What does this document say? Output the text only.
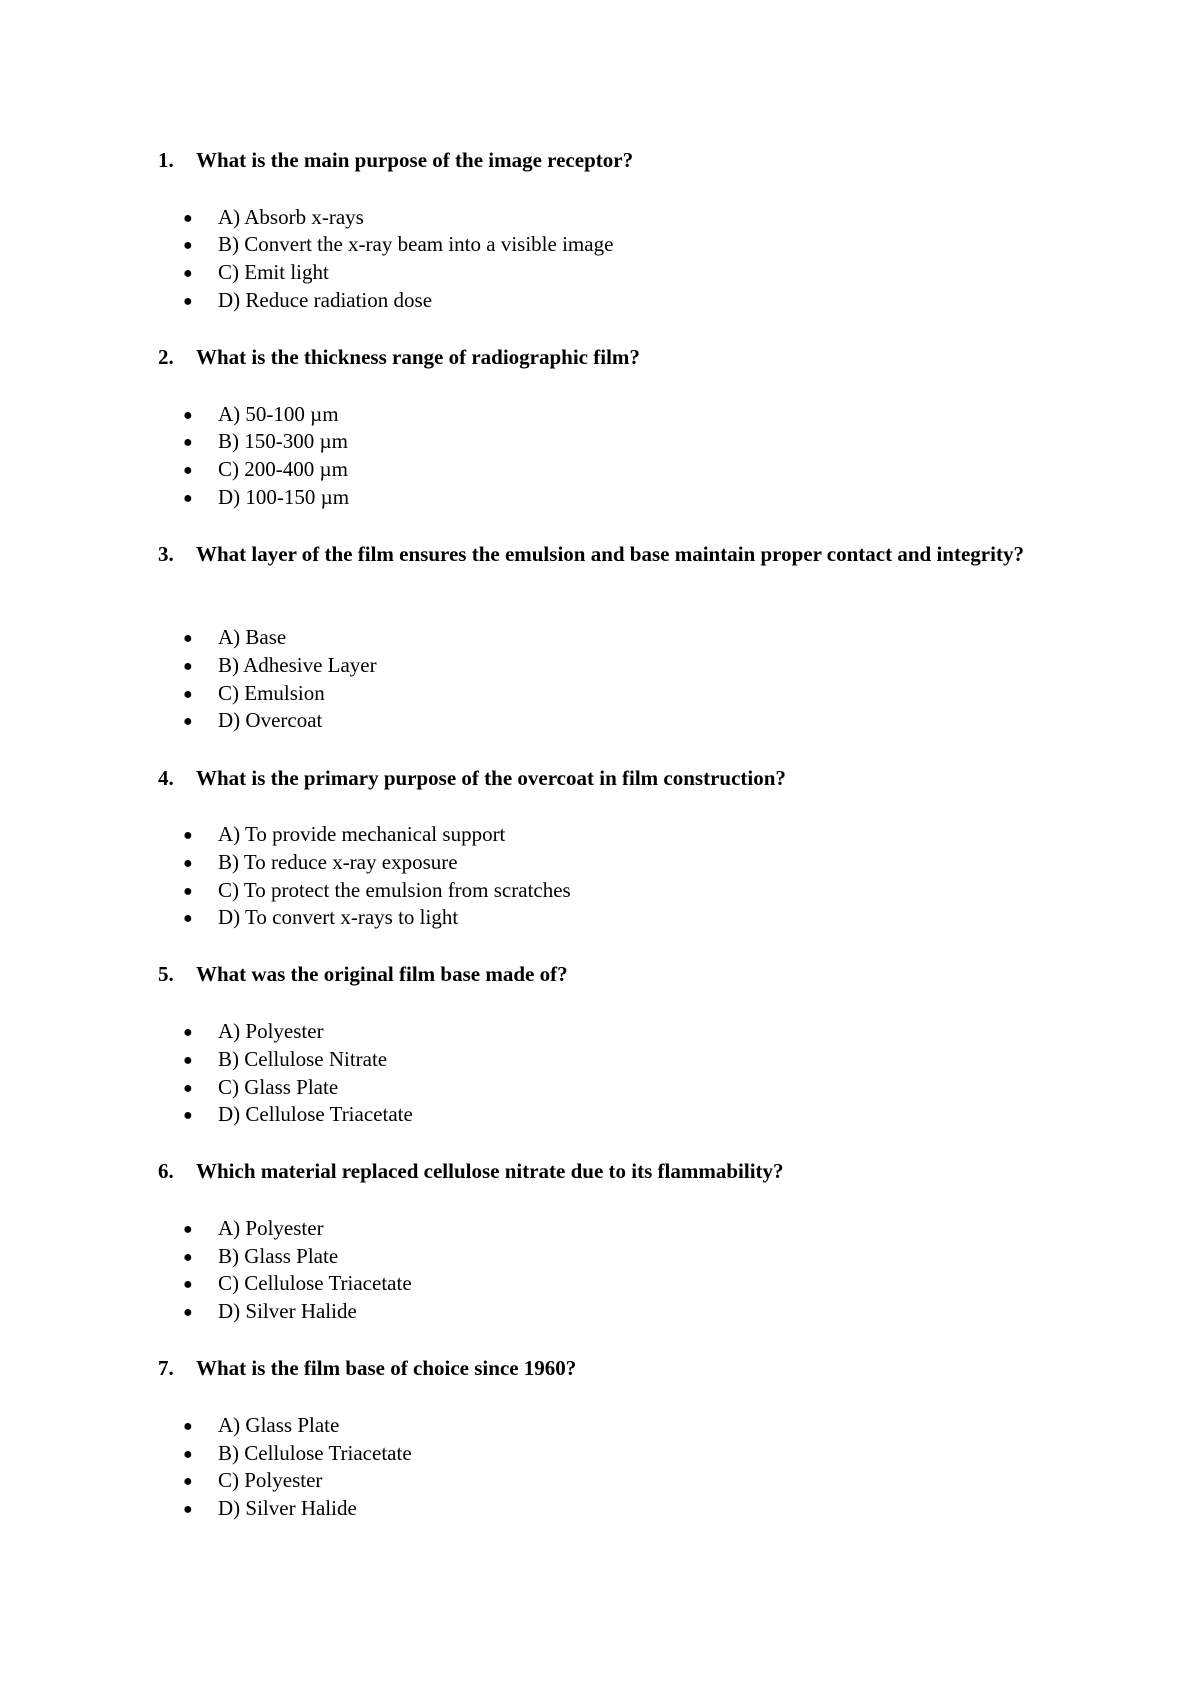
1. What is the main purpose of the image receptor?
● A) Absorb x-rays
● B) Convert the x-ray beam into a visible image
● C) Emit light
● D) Reduce radiation dose
2. What is the thickness range of radiographic film?
● A) 50-100 µm
● B) 150-300 µm
● C) 200-400 µm
● D) 100-150 µm
3. What layer of the film ensures the emulsion and base maintain proper contact and integrity?
● A) Base
● B) Adhesive Layer
● C) Emulsion
● D) Overcoat
4. What is the primary purpose of the overcoat in film construction?
● A) To provide mechanical support
● B) To reduce x-ray exposure
● C) To protect the emulsion from scratches
● D) To convert x-rays to light
5. What was the original film base made of?
● A) Polyester
● B) Cellulose Nitrate
● C) Glass Plate
● D) Cellulose Triacetate
6. Which material replaced cellulose nitrate due to its flammability?
● A) Polyester
● B) Glass Plate
● C) Cellulose Triacetate
● D) Silver Halide
7. What is the film base of choice since 1960?
● A) Glass Plate
● B) Cellulose Triacetate
● C) Polyester
● D) Silver Halide
